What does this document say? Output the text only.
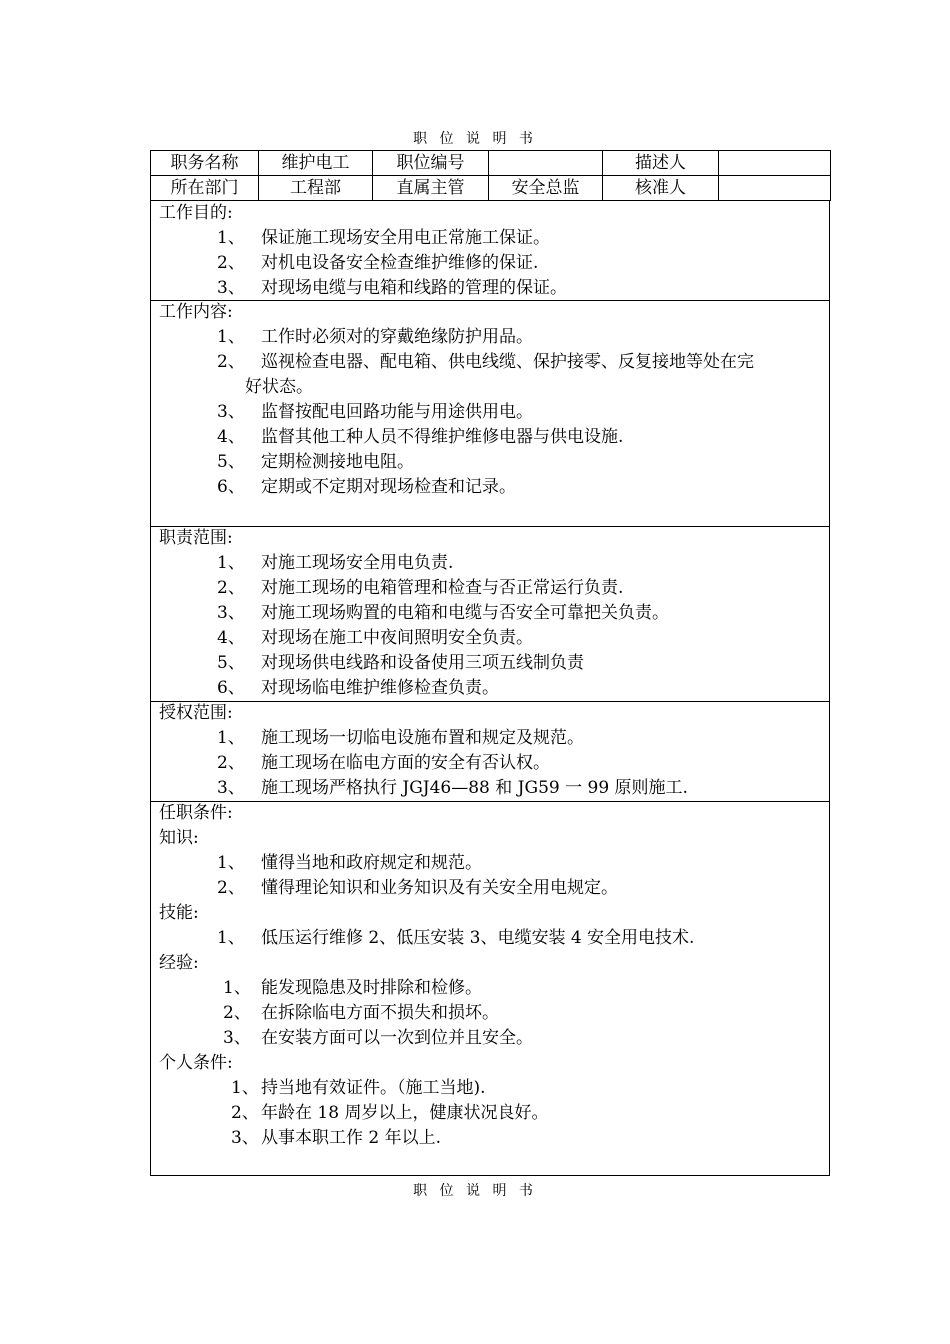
职 位 说 明 书
职务名称	维护电工	职位编号		描述人	
所在部门	工程部	直属主管	安全总监	核准人	
工作目的:
1、 保证施工现场安全用电正常施工保证。
2、 对机电设备安全检查维护维修的保证.
3、 对现场电缆与电箱和线路的管理的保证。
工作内容:
1、 工作时必须对的穿戴绝缘防护用品。
2、 巡视检查电器、配电箱、供电线缆、保护接零、反复接地等处在完
好状态。
3、 监督按配电回路功能与用途供用电。
4、 监督其他工种人员不得维护维修电器与供电设施.
5、 定期检测接地电阻。
6、 定期或不定期对现场检查和记录。
职责范围:
1、 对施工现场安全用电负责.
2、 对施工现场的电箱管理和检查与否正常运行负责.
3、 对施工现场购置的电箱和电缆与否安全可靠把关负责。
4、 对现场在施工中夜间照明安全负责。
5、 对现场供电线路和设备使用三项五线制负责
6、 对现场临电维护维修检查负责。
授权范围:
1、 施工现场一切临电设施布置和规定及规范。
2、 施工现场在临电方面的安全有否认权。
3、 施工现场严格执行 JGJ46—88 和 JG59 一 99 原则施工.
任职条件:
知识:
1、 懂得当地和政府规定和规范。
2、 懂得理论知识和业务知识及有关安全用电规定。
技能:
1、 低压运行维修 2、低压安装 3、电缆安装 4 安全用电技术.
经验:
1、 能发现隐患及时排除和检修。
2、 在拆除临电方面不损失和损坏。
3、 在安装方面可以一次到位并且安全。
个人条件:
1、 持当地有效证件。（施工当地).
2、 年龄在 18 周岁以上，健康状况良好。
3、 从事本职工作 2 年以上.
职 位 说 明 书
